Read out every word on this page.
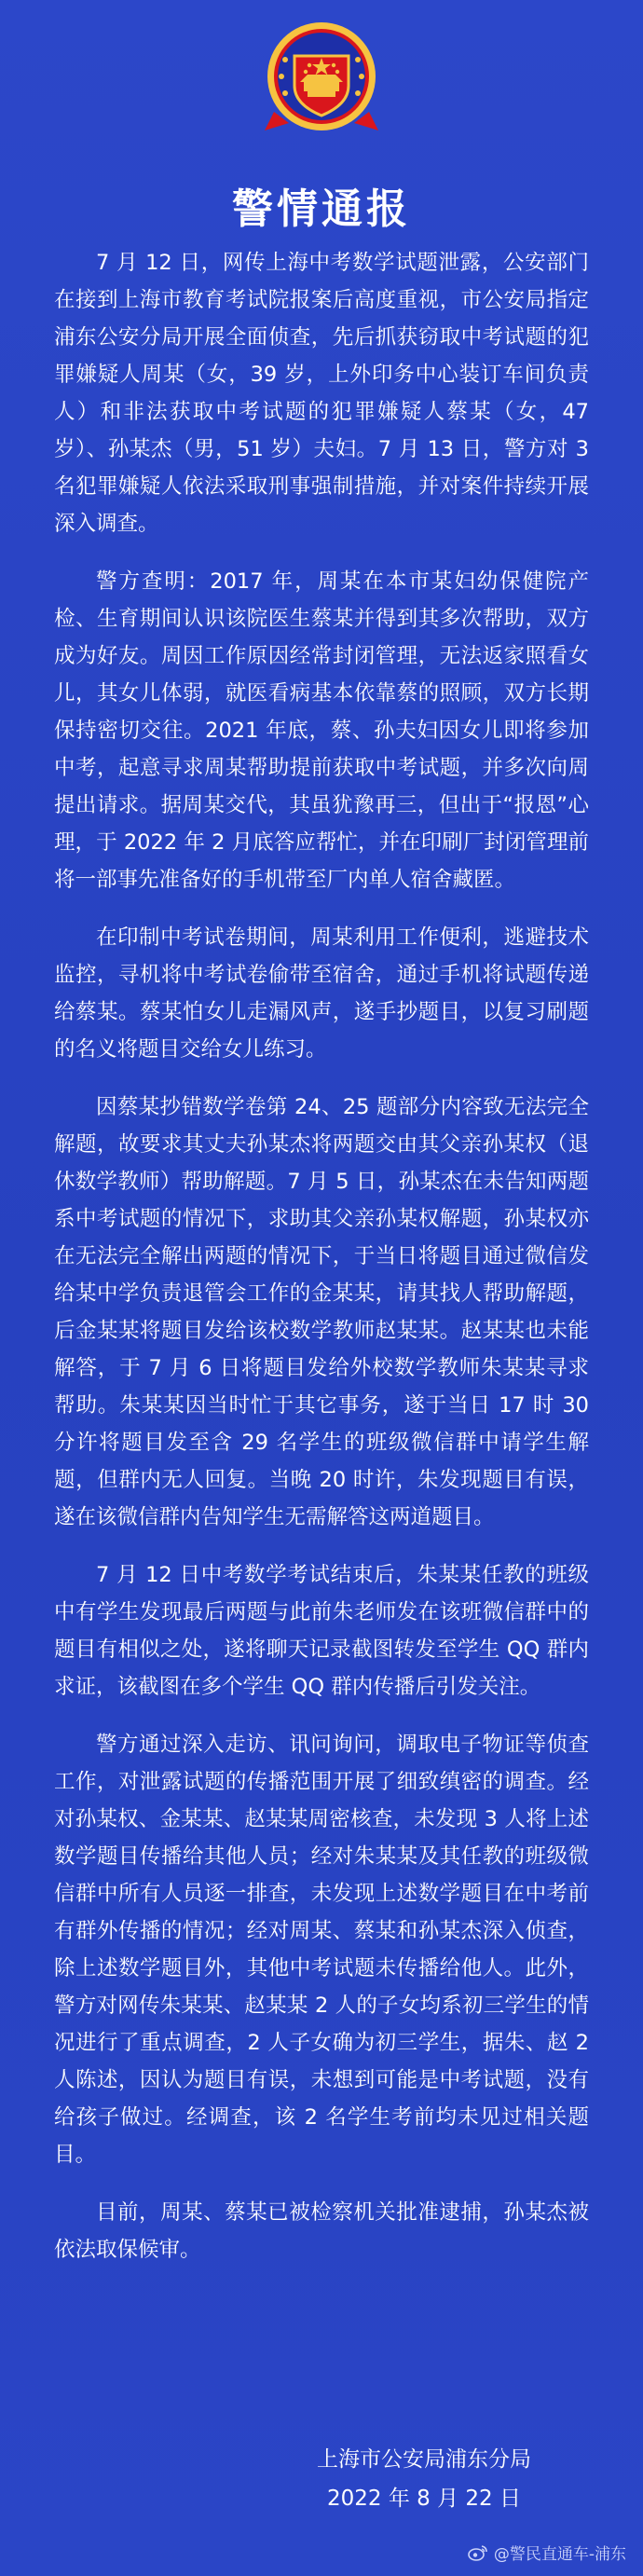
警情通报

7 月 12 日，网传上海中考数学试题泄露，公安部门在接到上海市教育考试院报案后高度重视，市公安局指定浦东公安分局开展全面侦查，先后抓获窃取中考试题的犯罪嫌疑人周某（女，39 岁，上外印务中心装订车间负责人）和非法获取中考试题的犯罪嫌疑人蔡某（女，47 岁）、孙某杰（男，51 岁）夫妇。7 月 13 日，警方对 3 名犯罪嫌疑人依法采取刑事强制措施，并对案件持续开展深入调查。

警方查明：2017 年，周某在本市某妇幼保健院产检、生育期间认识该院医生蔡某并得到其多次帮助，双方成为好友。周因工作原因经常封闭管理，无法返家照看女儿，其女儿体弱，就医看病基本依靠蔡的照顾，双方长期保持密切交往。2021 年底，蔡、孙夫妇因女儿即将参加中考，起意寻求周某帮助提前获取中考试题，并多次向周提出请求。据周某交代，其虽犹豫再三，但出于“报恩”心理，于 2022 年 2 月底答应帮忙，并在印刷厂封闭管理前将一部事先准备好的手机带至厂内单人宿舍藏匿。

在印制中考试卷期间，周某利用工作便利，逃避技术监控，寻机将中考试卷偷带至宿舍，通过手机将试题传递给蔡某。蔡某怕女儿走漏风声，遂手抄题目，以复习刷题的名义将题目交给女儿练习。

因蔡某抄错数学卷第 24、25 题部分内容致无法完全解题，故要求其丈夫孙某杰将两题交由其父亲孙某权（退休数学教师）帮助解题。7 月 5 日，孙某杰在未告知两题系中考试题的情况下，求助其父亲孙某权解题，孙某权亦在无法完全解出两题的情况下，于当日将题目通过微信发给某中学负责退管会工作的金某某，请其找人帮助解题，后金某某将题目发给该校数学教师赵某某。赵某某也未能解答，于 7 月 6 日将题目发给外校数学教师朱某某寻求帮助。朱某某因当时忙于其它事务，遂于当日 17 时 30 分许将题目发至含 29 名学生的班级微信群中请学生解题，但群内无人回复。当晚 20 时许，朱发现题目有误，遂在该微信群内告知学生无需解答这两道题目。

7 月 12 日中考数学考试结束后，朱某某任教的班级中有学生发现最后两题与此前朱老师发在该班微信群中的题目有相似之处，遂将聊天记录截图转发至学生 QQ 群内求证，该截图在多个学生 QQ 群内传播后引发关注。

警方通过深入走访、讯问询问，调取电子物证等侦查工作，对泄露试题的传播范围开展了细致缜密的调查。经对孙某权、金某某、赵某某周密核查，未发现 3 人将上述数学题目传播给其他人员；经对朱某某及其任教的班级微信群中所有人员逐一排查，未发现上述数学题目在中考前有群外传播的情况；经对周某、蔡某和孙某杰深入侦查，除上述数学题目外，其他中考试题未传播给他人。此外，警方对网传朱某某、赵某某 2 人的子女均系初三学生的情况进行了重点调查，2 人子女确为初三学生，据朱、赵 2 人陈述，因认为题目有误，未想到可能是中考试题，没有给孩子做过。经调查，该 2 名学生考前均未见过相关题目。

目前，周某、蔡某已被检察机关批准逮捕，孙某杰被依法取保候审。

上海市公安局浦东分局
2022 年 8 月 22 日
@警民直通车-浦东
